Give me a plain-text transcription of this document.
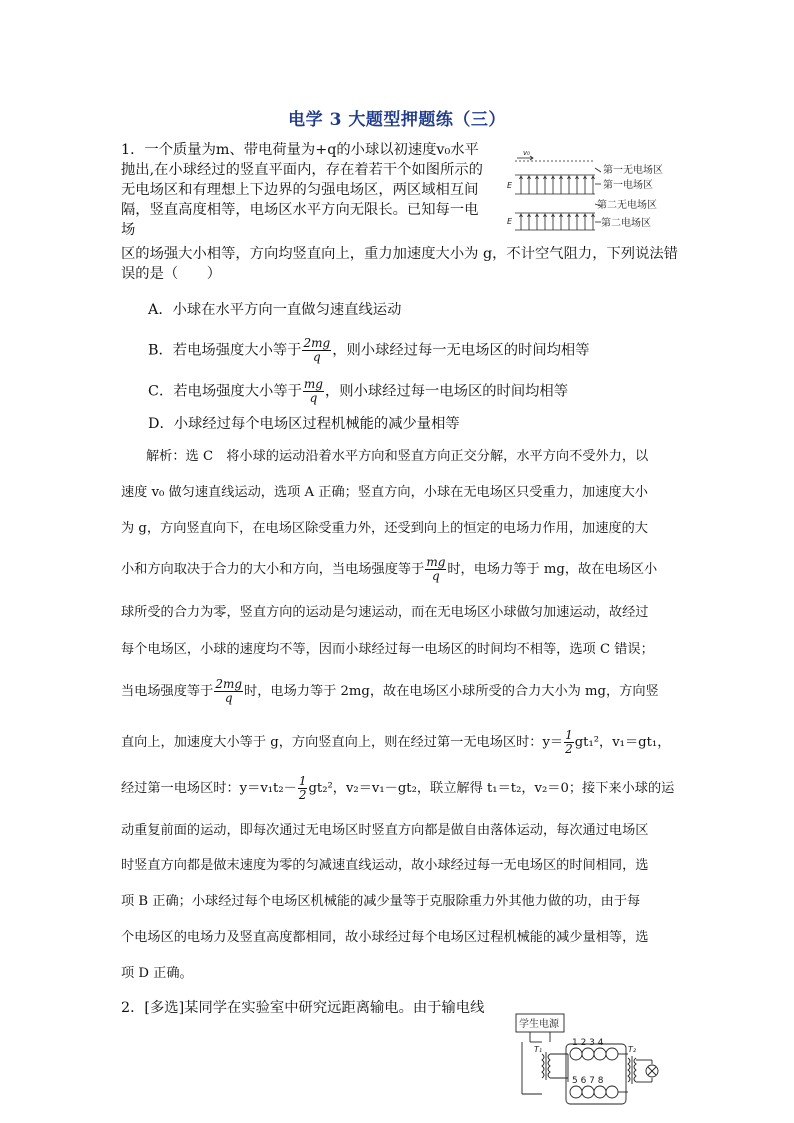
电学 3 大题型押题练（三）

1．一个质量为m、带电荷量为+q的小球以初速度v₀水平抛出,在小球经过的竖直平面内，存在着若干个如图所示的无电场区和有理想上下边界的匀强电场区，两区域相互间隔，竖直高度相等，电场区水平方向无限长。已知每一电场

区的场强大小相等，方向均竖直向上，重力加速度大小为 g，不计空气阻力，下列说法错误的是（　　）

v₀
E
E
第一无电场区
第一电场区
第二无电场区
第二电场区
A．小球在水平方向一直做匀速直线运动
B．若电场强度大小等于 $\frac{2mg}{q}$ ，则小球经过每一无电场区的时间均相等
C．若电场强度大小等于 $\frac{mg}{q}$ ，则小球经过每一电场区的时间均相等
D．小球经过每个电场区过程机械能的减少量相等
解析：选 C　将小球的运动沿着水平方向和竖直方向正交分解，水平方向不受外力，以
速度 v₀ 做匀速直线运动，选项 A 正确；竖直方向，小球在无电场区只受重力，加速度大小
为 g，方向竖直向下，在电场区除受重力外，还受到向上的恒定的电场力作用，加速度的大
小和方向取决于合力的大小和方向，当电场强度等于 $\frac{mg}{q}$ 时，电场力等于 mg，故在电场区小
球所受的合力为零，竖直方向的运动是匀速运动，而在无电场区小球做匀加速运动，故经过
每个电场区，小球的速度均不等，因而小球经过每一电场区的时间均不相等，选项 C 错误；
当电场强度等于 $\frac{2mg}{q}$ 时，电场力等于 2mg，故在电场区小球所受的合力大小为 mg，方向竖
直向上，加速度大小等于 g，方向竖直向上，则在经过第一无电场区时：$y= \frac{1}{2} gt_1^2$，v₁＝gt₁，
经过第一电场区时：$y=v_1t_2- \frac{1}{2} gt_2^2$，v₂＝v₁－gt₂，联立解得 t₁＝t₂，v₂＝0；接下来小球的运
动重复前面的运动，即每次通过无电场区时竖直方向都是做自由落体运动，每次通过电场区
时竖直方向都是做末速度为零的匀减速直线运动，故小球经过每一无电场区的时间相同，选
项 B 正确；小球经过每个电场区机械能的减少量等于克服除重力外其他力做的功，由于每
个电场区的电场力及竖直高度都相同，故小球经过每个电场区过程机械能的减少量相等，选
项 D 正确。
2．[多选]某同学在实验室中研究远距离输电。由于输电线
学生电源
T₁	T₂
1 2 3 4
5 6 7 8
